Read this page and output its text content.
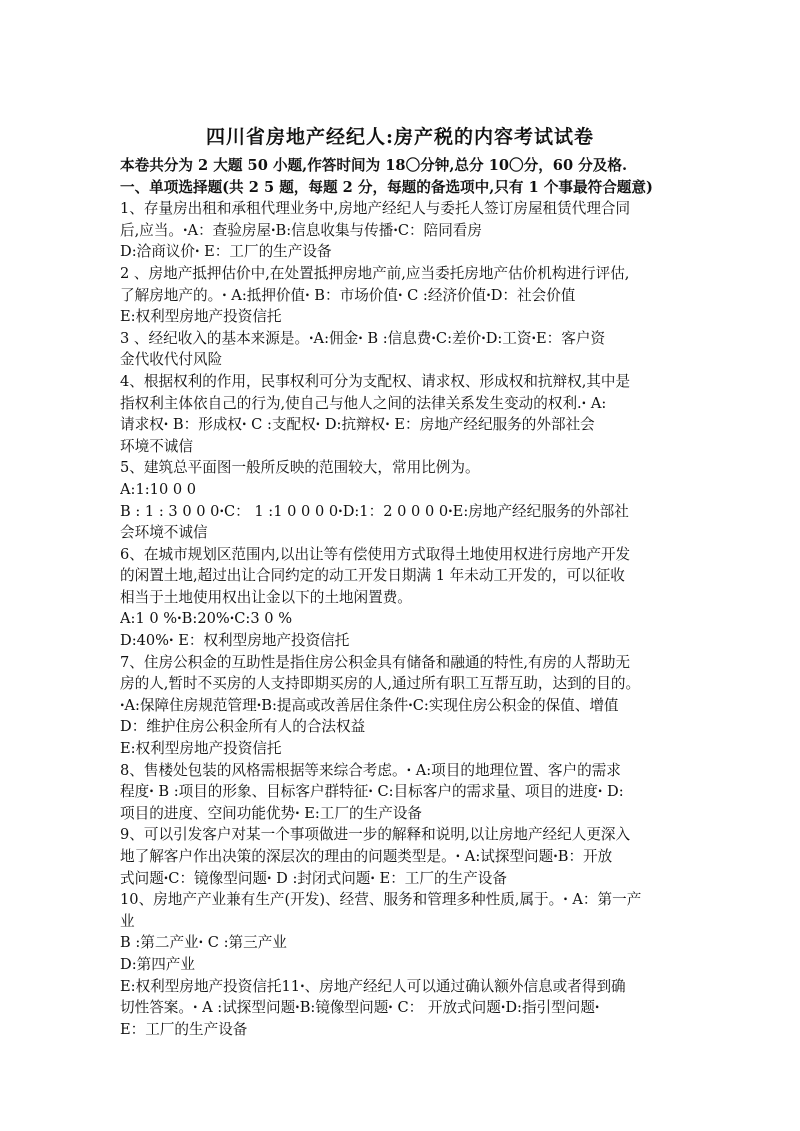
四川省房地产经纪人:房产税的内容考试试卷
本卷共分为 2 大题 50 小题,作答时间为 18〇分钟,总分 10〇分，60 分及格.
一、单项选择题(共 2 5 题，每题 2 分，每题的备选项中,只有 1 个事最符合题意)
1、存量房出租和承租代理业务中,房地产经纪人与委托人签订房屋租赁代理合同
后,应当。ꞏA：查验房屋ꞏB:信息收集与传播ꞏC：陪同看房
D:洽商议价ꞏ E：工厂的生产设备
2 、房地产抵押估价中,在处置抵押房地产前,应当委托房地产估价机构进行评估,
了解房地产的。ꞏ A:抵押价值ꞏ B：市场价值ꞏ C :经济价值ꞏD：社会价值
E:权利型房地产投资信托
3 、经纪收入的基本来源是。ꞏA:佣金ꞏ B :信息费ꞏC:差价ꞏD:工资ꞏE：客户资
金代收代付风险
4、根据权利的作用，民事权利可分为支配权、请求权、形成权和抗辩权,其中是
指权利主体依自己的行为,使自己与他人之间的法律关系发生变动的权利.ꞏ A:
请求权ꞏ B：形成权ꞏ C :支配权ꞏ D:抗辩权ꞏ E：房地产经纪服务的外部社会
环境不诚信
5、建筑总平面图一般所反映的范围较大，常用比例为。
A:1:10 0 0
B : 1 : 3 0 0 0ꞏC： 1 :1 0 0 0 0ꞏD:1：2 0 0 0 0ꞏE:房地产经纪服务的外部社
会环境不诚信
6、在城市规划区范围内,以出让等有偿使用方式取得土地使用权进行房地产开发
的闲置土地,超过出让合同约定的动工开发日期满 1 年未动工开发的，可以征收
相当于土地使用权出让金以下的土地闲置费。
A:1 0 %ꞏB:20%ꞏC:3 0 %
D:40%ꞏ E：权利型房地产投资信托
7、住房公积金的互助性是指住房公积金具有储备和融通的特性,有房的人帮助无
房的人,暂时不买房的人支持即期买房的人,通过所有职工互帮互助，达到的目的。
ꞏA:保障住房规范管理ꞏB:提高或改善居住条件ꞏC:实现住房公积金的保值、增值
D：维护住房公积金所有人的合法权益
E:权利型房地产投资信托
8、售楼处包装的风格需根据等来综合考虑。ꞏ A:项目的地理位置、客户的需求
程度ꞏ B :项目的形象、目标客户群特征ꞏ C:目标客户的需求量、项目的进度ꞏ D:
项目的进度、空间功能优势ꞏ E:工厂的生产设备
9、可以引发客户对某一个事项做进一步的解释和说明,以让房地产经纪人更深入
地了解客户作出决策的深层次的理由的问题类型是。ꞏ A:试探型问题ꞏB：开放
式问题ꞏC：镜像型问题ꞏ D :封闭式问题ꞏ E：工厂的生产设备
10、房地产产业兼有生产(开发)、经营、服务和管理多种性质,属于。ꞏ A：第一产
业
B :第二产业ꞏ C :第三产业
D:第四产业
E:权利型房地产投资信托11ꞏ、房地产经纪人可以通过确认额外信息或者得到确
切性答案。ꞏ A :试探型问题ꞏB:镜像型问题ꞏ C： 开放式问题ꞏD:指引型问题ꞏ
E：工厂的生产设备
